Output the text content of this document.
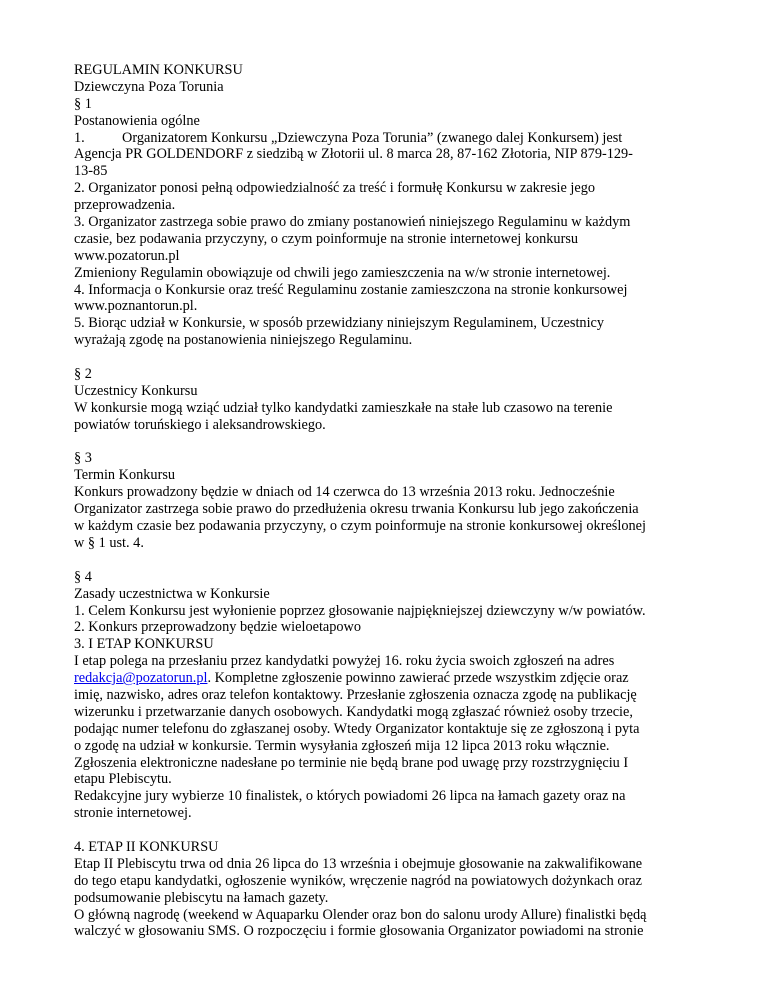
REGULAMIN KONKURSU
Dziewczyna Poza Torunia
§ 1
Postanowienia ogólne
1.	Organizatorem Konkursu „Dziewczyna Poza Torunia” (zwanego dalej Konkursem) jest
Agencja PR GOLDENDORF z siedzibą w Złotorii ul. 8 marca 28, 87-162 Złotoria, NIP 879-129-
13-85
2. Organizator ponosi pełną odpowiedzialność za treść i formułę Konkursu w zakresie jego
przeprowadzenia.
3. Organizator zastrzega sobie prawo do zmiany postanowień niniejszego Regulaminu w każdym
czasie, bez podawania przyczyny, o czym poinformuje na stronie internetowej konkursu
www.pozatorun.pl
Zmieniony Regulamin obowiązuje od chwili jego zamieszczenia na w/w stronie internetowej.
4. Informacja o Konkursie oraz treść Regulaminu zostanie zamieszczona na stronie konkursowej
www.poznantorun.pl.
5. Biorąc udział w Konkursie, w sposób przewidziany niniejszym Regulaminem, Uczestnicy
wyrażają zgodę na postanowienia niniejszego Regulaminu.
§ 2
Uczestnicy Konkursu
W konkursie mogą wziąć udział tylko kandydatki zamieszkałe na stałe lub czasowo na terenie
powiatów toruńskiego i aleksandrowskiego.
§ 3
Termin Konkursu
Konkurs prowadzony będzie w dniach od 14 czerwca do 13 września 2013 roku. Jednocześnie
Organizator zastrzega sobie prawo do przedłużenia okresu trwania Konkursu lub jego zakończenia
w każdym czasie bez podawania przyczyny, o czym poinformuje na stronie konkursowej określonej
w § 1 ust. 4.
§ 4
Zasady uczestnictwa w Konkursie
1. Celem Konkursu jest wyłonienie poprzez głosowanie najpiękniejszej dziewczyny w/w powiatów.
2. Konkurs przeprowadzony będzie wieloetapowo
3. I ETAP KONKURSU
I etap polega na przesłaniu przez kandydatki powyżej 16. roku życia swoich zgłoszeń na adres
redakcja@pozatorun.pl. Kompletne zgłoszenie powinno zawierać przede wszystkim zdjęcie oraz
imię, nazwisko, adres oraz telefon kontaktowy. Przesłanie zgłoszenia oznacza zgodę na publikację
wizerunku i przetwarzanie danych osobowych. Kandydatki mogą zgłaszać również osoby trzecie,
podając numer telefonu do zgłaszanej osoby. Wtedy Organizator kontaktuje się ze zgłoszoną i pyta
o zgodę na udział w konkursie. Termin wysyłania zgłoszeń mija 12 lipca 2013 roku włącznie.
Zgłoszenia elektroniczne nadesłane po terminie nie będą brane pod uwagę przy rozstrzygnięciu I
etapu Plebiscytu.
Redakcyjne jury wybierze 10 finalistek, o których powiadomi 26 lipca na łamach gazety oraz na
stronie internetowej.
4. ETAP II KONKURSU
Etap II Plebiscytu trwa od dnia 26 lipca do 13 września i obejmuje głosowanie na zakwalifikowane
do tego etapu kandydatki, ogłoszenie wyników, wręczenie nagród na powiatowych dożynkach oraz
podsumowanie plebiscytu na łamach gazety.
O główną nagrodę (weekend w Aquaparku Olender oraz bon do salonu urody Allure) finalistki będą
walczyć w głosowaniu SMS. O rozpoczęciu i formie głosowania Organizator powiadomi na stronie
